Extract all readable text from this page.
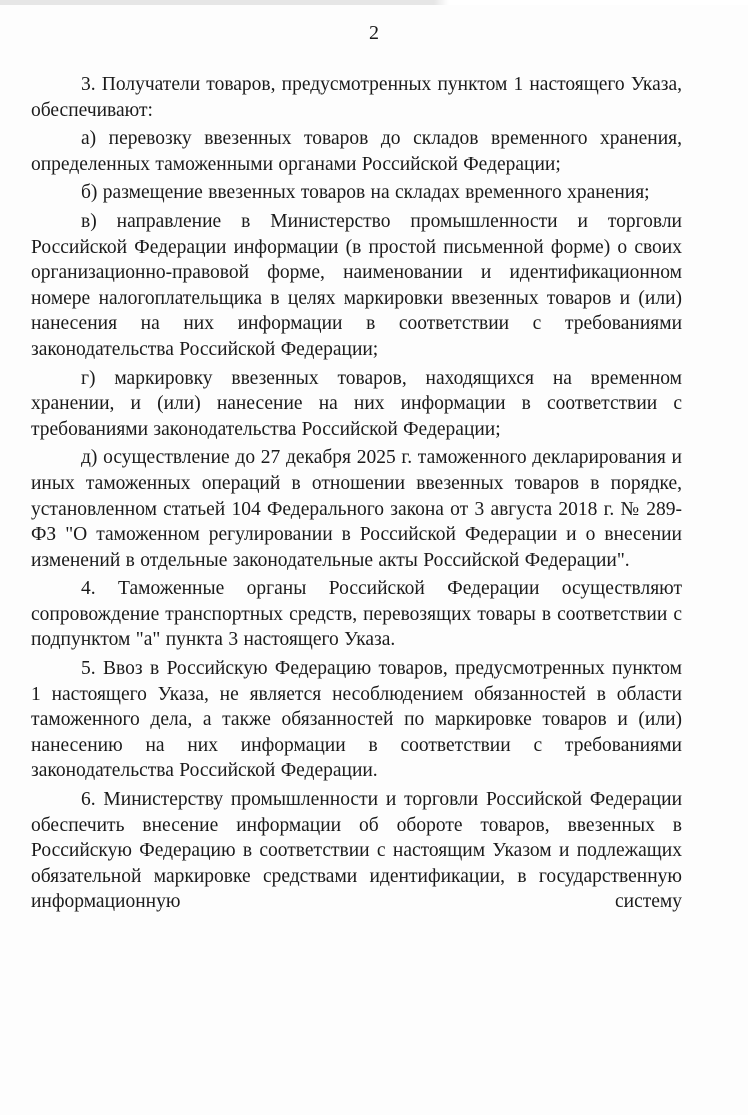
2

3. Получатели товаров, предусмотренных пунктом 1 настоящего Указа, обеспечивают:

а) перевозку ввезенных товаров до складов временного хранения, определенных таможенными органами Российской Федерации;

б) размещение ввезенных товаров на складах временного хранения;

в) направление в Министерство промышленности и торговли Российской Федерации информации (в простой письменной форме) о своих организационно-правовой форме, наименовании и идентификационном номере налогоплательщика в целях маркировки ввезенных товаров и (или) нанесения на них информации в соответствии с требованиями законодательства Российской Федерации;

г) маркировку ввезенных товаров, находящихся на временном хранении, и (или) нанесение на них информации в соответствии с требованиями законодательства Российской Федерации;

д) осуществление до 27 декабря 2025 г. таможенного декларирования и иных таможенных операций в отношении ввезенных товаров в порядке, установленном статьей 104 Федерального закона от 3 августа 2018 г. № 289-ФЗ "О таможенном регулировании в Российской Федерации и о внесении изменений в отдельные законодательные акты Российской Федерации".

4. Таможенные органы Российской Федерации осуществляют сопровождение транспортных средств, перевозящих товары в соответствии с подпунктом "а" пункта 3 настоящего Указа.

5. Ввоз в Российскую Федерацию товаров, предусмотренных пунктом 1 настоящего Указа, не является несоблюдением обязанностей в области таможенного дела, а также обязанностей по маркировке товаров и (или) нанесению на них информации в соответствии с требованиями законодательства Российской Федерации.

6. Министерству промышленности и торговли Российской Федерации обеспечить внесение информации об обороте товаров, ввезенных в Российскую Федерацию в соответствии с настоящим Указом и подлежащих обязательной маркировке средствами идентификации, в государственную информационную систему
